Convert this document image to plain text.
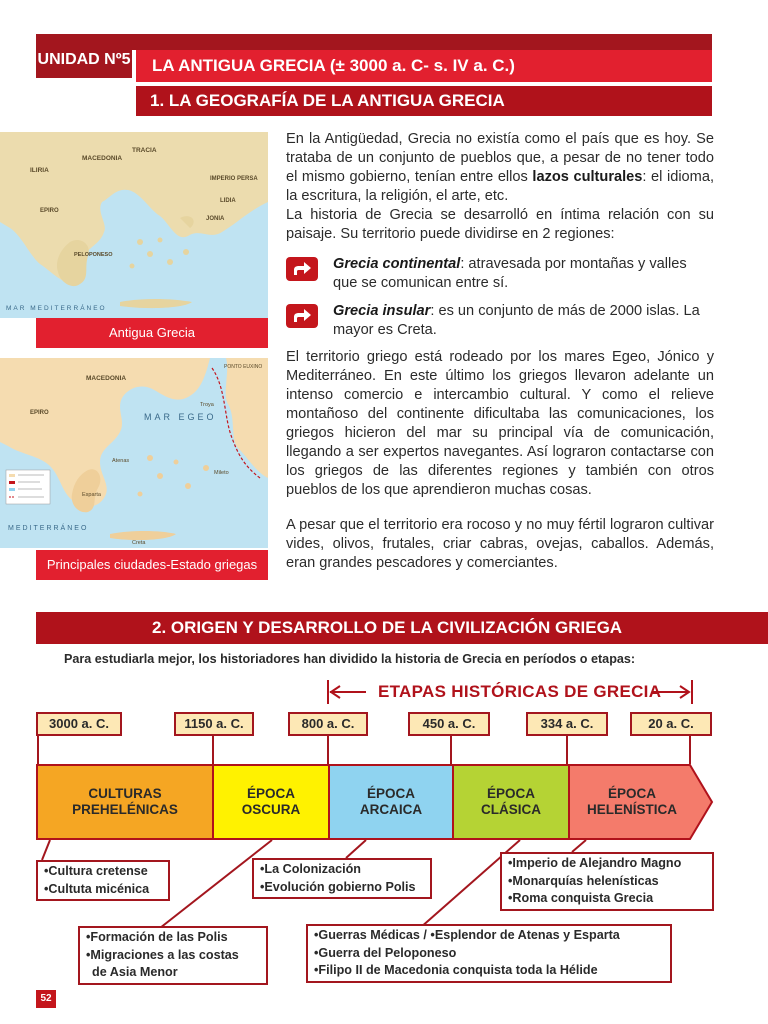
UNIDAD Nº5	LA ANTIGUA GRECIA (± 3000 a. C- s. IV a. C.)
1. LA GEOGRAFÍA DE LA ANTIGUA GRECIA
TRACIA
MACEDONIA
ILIRIA
IMPERIO PERSA
JONIA
LIDIA
EPIRO
PELOPONESO
MAR MEDITERRÁNEO
Antigua Grecia
MACEDONIA
EPIRO
PONTO EUXINO
MAR EGEO
MEDITERRÁNEO
Troya
Mileto
Atenas
Esparta
Creta
Principales ciudades-Estado griegas
En la Antigüedad, Grecia no existía como el país que es hoy. Se trataba de un conjunto de pueblos que, a pesar de no tener todo el mismo gobierno, tenían entre ellos lazos culturales: el idioma, la escritura, la religión, el arte, etc.
La historia de Grecia se desarrolló en íntima relación con su paisaje. Su territorio puede dividirse en 2 regiones:
Grecia continental: atravesada por montañas y valles que se comunican entre sí.
Grecia insular: es un conjunto de más de 2000 islas. La mayor es Creta.
El territorio griego está rodeado por los mares Egeo, Jónico y Mediterráneo. En este último los griegos llevaron adelante un intenso comercio e intercambio cultural. Y como el relieve montañoso del continente dificultaba las comunicaciones, los griegos hicieron del mar su principal vía de comunicación, llegando a ser expertos navegantes. Así lograron contactarse con los griegos de las diferentes regiones y también con otros pueblos de los que aprendieron muchas cosas.
A pesar que el territorio era rocoso y no muy fértil lograron cultivar vides, olivos, frutales, criar cabras, ovejas, caballos. Además, eran grandes pescadores y comerciantes.
2. ORIGEN Y DESARROLLO DE LA CIVILIZACIÓN GRIEGA
Para estudiarla mejor, los historiadores han dividido la historia de Grecia en períodos o etapas:
ETAPAS HISTÓRICAS DE GRECIA
3000 a. C.	1150 a. C.	800 a. C.	450 a. C.	334 a. C.	20 a. C.
CULTURAS
PREHELÉNICAS
ÉPOCA
OSCURA
ÉPOCA
ARCAICA
ÉPOCA
CLÁSICA
ÉPOCA
HELENÍSTICA
•Cultura cretense
•Cultuta micénica
•La Colonización
•Evolución gobierno Polis
•Imperio de Alejandro Magno
•Monarquías helenísticas
•Roma conquista Grecia
•Formación de las Polis
•Migraciones a las costas
de Asia Menor
•Guerras Médicas / •Esplendor de Atenas y Esparta
•Guerra del Peloponeso
•Filipo II de Macedonia conquista toda la Hélide
52
